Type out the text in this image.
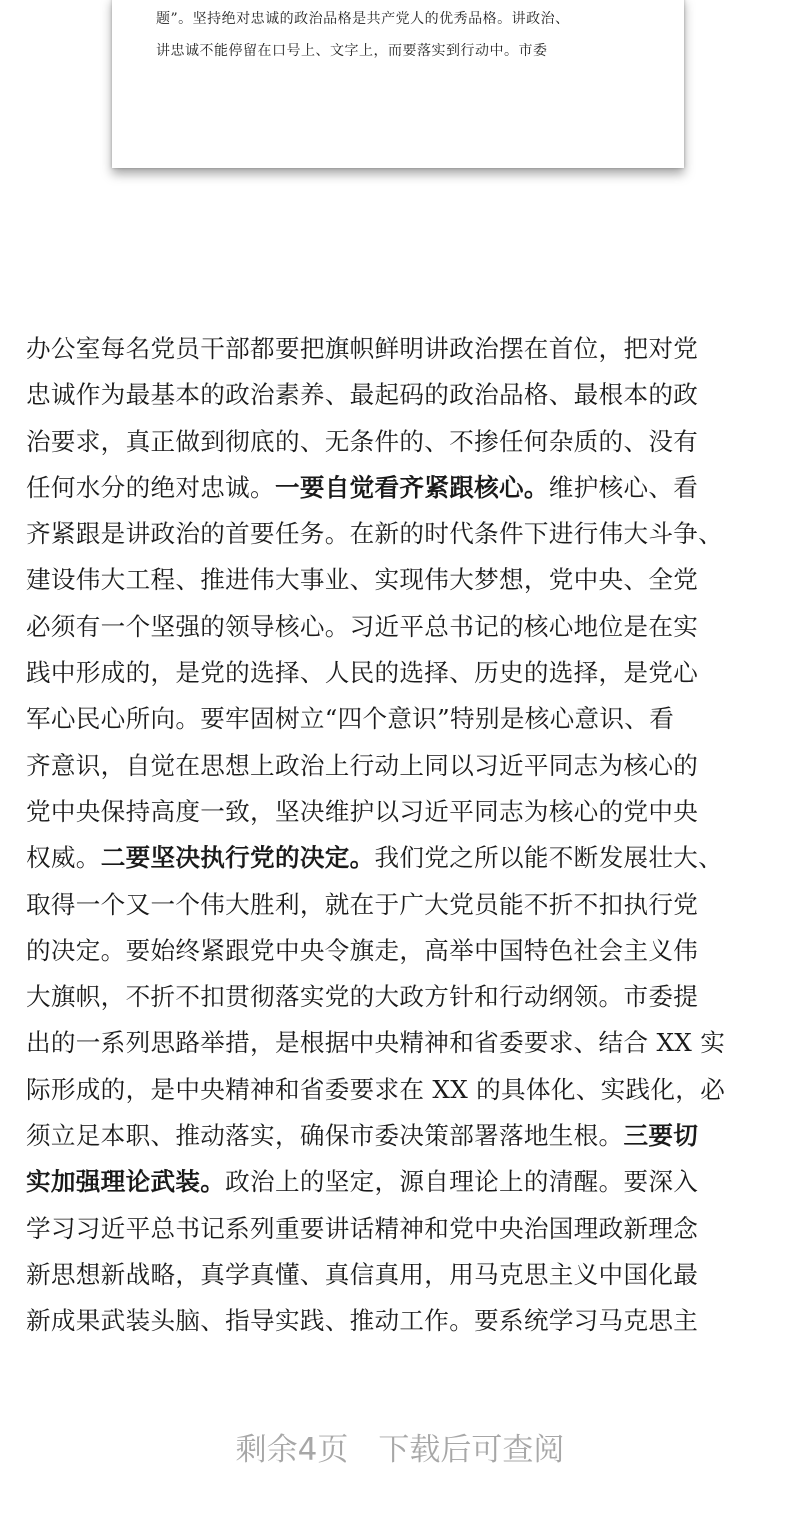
题”。坚持绝对忠诚的政治品格是共产党人的优秀品格。讲政治、
讲忠诚不能停留在口号上、文字上，而要落实到行动中。市委
办公室每名党员干部都要把旗帜鲜明讲政治摆在首位，把对党
忠诚作为最基本的政治素养、最起码的政治品格、最根本的政
治要求，真正做到彻底的、无条件的、不掺任何杂质的、没有
任何水分的绝对忠诚。一要自觉看齐紧跟核心。维护核心、看
齐紧跟是讲政治的首要任务。在新的时代条件下进行伟大斗争、
建设伟大工程、推进伟大事业、实现伟大梦想，党中央、全党
必须有一个坚强的领导核心。习近平总书记的核心地位是在实
践中形成的，是党的选择、人民的选择、历史的选择，是党心
军心民心所向。要牢固树立“四个意识”特别是核心意识、看
齐意识，自觉在思想上政治上行动上同以习近平同志为核心的
党中央保持高度一致，坚决维护以习近平同志为核心的党中央
权威。二要坚决执行党的决定。我们党之所以能不断发展壮大、
取得一个又一个伟大胜利，就在于广大党员能不折不扣执行党
的决定。要始终紧跟党中央令旗走，高举中国特色社会主义伟
大旗帜，不折不扣贯彻落实党的大政方针和行动纲领。市委提
出的一系列思路举措，是根据中央精神和省委要求、结合 XX 实
际形成的，是中央精神和省委要求在 XX 的具体化、实践化，必
须立足本职、推动落实，确保市委决策部署落地生根。三要切
实加强理论武装。政治上的坚定，源自理论上的清醒。要深入
学习习近平总书记系列重要讲话精神和党中央治国理政新理念
新思想新战略，真学真懂、真信真用，用马克思主义中国化最
新成果武装头脑、指导实践、推动工作。要系统学习马克思主
剩余4页 下载后可查阅
